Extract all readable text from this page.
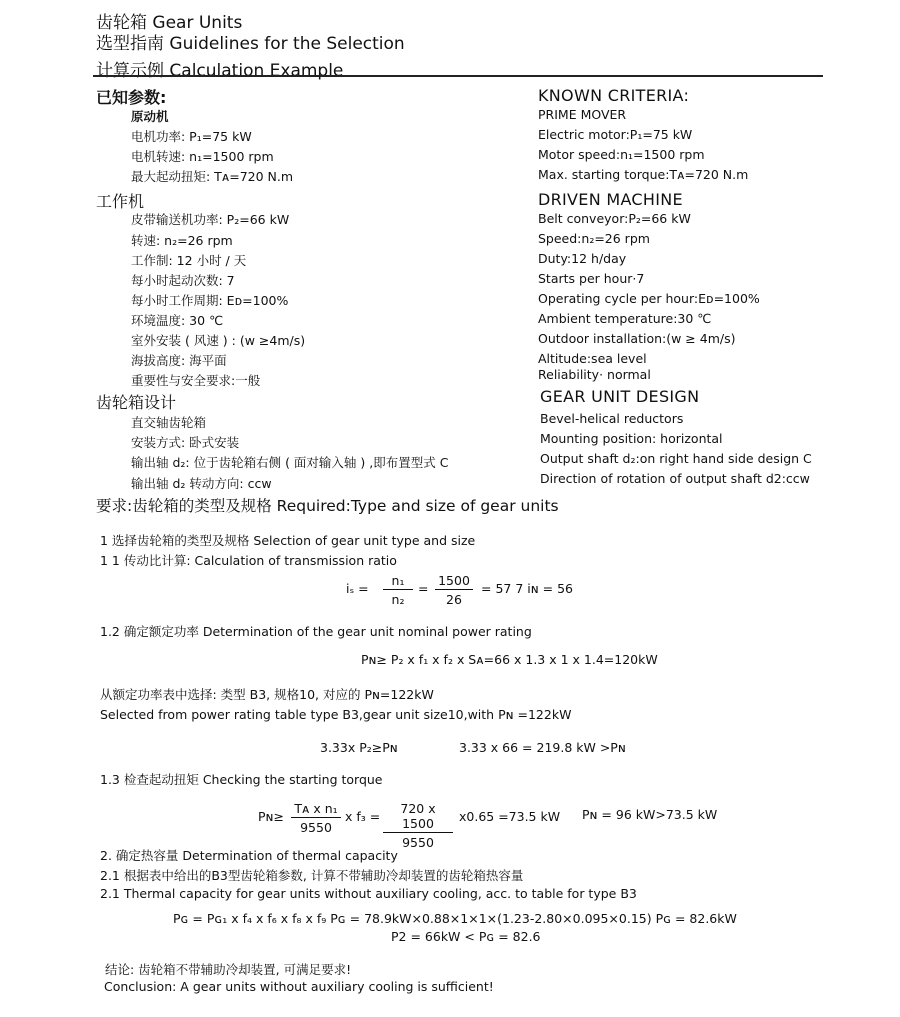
齿轮箱 Gear Units
选型指南 Guidelines for the Selection
计算示例 Calculation Example
已知参数:
原动机
电机功率: P₁=75 kW
电机转速: n₁=1500 rpm
最大起动扭矩: Tᴀ=720 N.m
工作机
皮带输送机功率: P₂=66 kW
转速: n₂=26 rpm
工作制: 12 小时 / 天
每小时起动次数: 7
每小时工作周期: Eᴅ=100%
环境温度: 30 ℃
室外安装 ( 风速 ) : (w ≥4m/s)
海拔高度: 海平面
重要性与安全要求:一般
齿轮箱设计
直交轴齿轮箱
安装方式: 卧式安装
输出轴 d₂: 位于齿轮箱右侧 ( 面对输入轴 ) ,即布置型式 C
输出轴 d₂ 转动方向: ccw
KNOWN CRITERIA:
PRIME MOVER
Electric motor:P₁=75 kW
Motor speed:n₁=1500 rpm
Max. starting torque:Tᴀ=720 N.m
DRIVEN MACHINE
Belt conveyor:P₂=66 kW
Speed:n₂=26 rpm
Duty:12 h/day
Starts per hour·7
Operating cycle per hour:Eᴅ=100%
Ambient temperature:30 ℃
Outdoor installation:(w ≥ 4m/s)
Altitude:sea level
Reliability· normal
GEAR UNIT DESIGN
Bevel-helical reductors
Mounting position: horizontal
Output shaft d₂:on right hand side design C
Direction of rotation of output shaft d2:ccw
要求:齿轮箱的类型及规格 Required:Type and size of gear units
1 选择齿轮箱的类型及规格 Selection of gear unit type and size
1 1 传动比计算: Calculation of transmission ratio
$i_s = \frac{\text{n₁}}{\text{n₂}} = \frac{1500}{26} = 57$ 7 iɴ = 56
1.2 确定额定功率 Determination of the gear unit nominal power rating
Pɴ≥ P₂ x f₁ x f₂ x Sᴀ=66 x 1.3 x 1 x 1.4=120kW
从额定功率表中选择: 类型 B3, 规格10, 对应的 Pɴ=122kW
Selected from power rating table type B3,gear unit size10,with Pɴ =122kW
3.33x P₂≥Pɴ	3.33 x 66 = 219.8 kW >Pɴ
1.3 检查起动扭矩 Checking the starting torque
Pɴ≥ $\frac{\text{Tᴀ x n₁}}{9550}$ x $f_3 = \frac{720 x 1500}{9550} x0.65 =73.5$ kW Pɴ = 96 kW>73.5 kW
2. 确定热容量 Determination of thermal capacity
2.1 根据表中给出的B3型齿轮箱参数, 计算不带辅助冷却装置的齿轮箱热容量
2.1 Thermal capacity for gear units without auxiliary cooling, acc. to table for type B3
Pɢ = Pɢ₁ x f₄ x f₆ x f₈ x f₉ Pɢ = 78.9kW×0.88×1×1×(1.23-2.80×0.095×0.15) Pɢ = 82.6kW
P2 = 66kW < Pɢ = 82.6
结论: 齿轮箱不带辅助冷却装置, 可满足要求!
Conclusion: A gear units without auxiliary cooling is sufficient!
